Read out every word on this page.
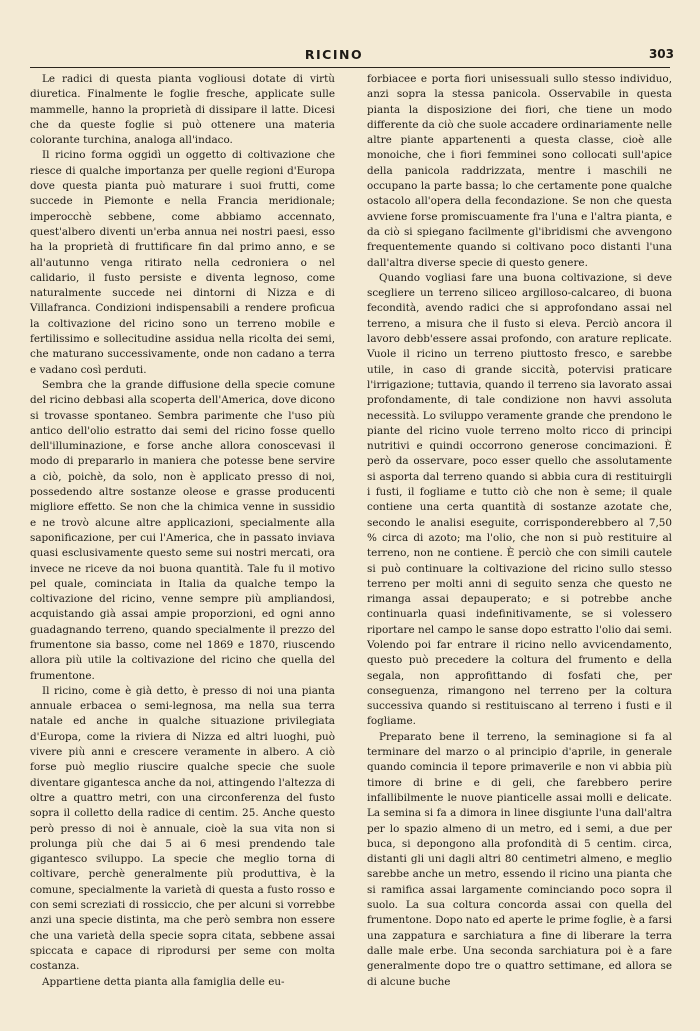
RICINO	303

Le radici di questa pianta vogliousi dotate di virtù diuretica. Finalmente le foglie fresche, applicate sulle mammelle, hanno la proprietà di dissipare il latte. Dicesi che da queste foglie si può ottenere una materia colorante turchina, analoga all'indaco.

Il ricino forma oggidì un oggetto di coltivazione che riesce di qualche importanza per quelle regioni d'Europa dove questa pianta può maturare i suoi frutti, come succede in Piemonte e nella Francia meridionale; imperocchè sebbene, come abbiamo accennato, quest'albero diventi un'erba annua nei nostri paesi, esso ha la proprietà di fruttificare fin dal primo anno, e se all'autunno venga ritirato nella cedroniera o nel calidario, il fusto persiste e diventa legnoso, come naturalmente succede nei dintorni di Nizza e di Villafranca. Condizioni indispensabili a rendere proficua la coltivazione del ricino sono un terreno mobile e fertilissimo e sollecitudine assidua nella ricolta dei semi, che maturano successivamente, onde non cadano a terra e vadano così perduti.

Sembra che la grande diffusione della specie comune del ricino debbasi alla scoperta dell'America, dove dicono si trovasse spontaneo. Sembra parimente che l'uso più antico dell'olio estratto dai semi del ricino fosse quello dell'illuminazione, e forse anche allora conoscevasi il modo di prepararlo in maniera che potesse bene servire a ciò, poichè, da solo, non è applicato presso di noi, possedendo altre sostanze oleose e grasse producenti migliore effetto. Se non che la chimica venne in sussidio e ne trovò alcune altre applicazioni, specialmente alla saponificazione, per cui l'America, che in passato inviava quasi esclusivamente questo seme sui nostri mercati, ora invece ne riceve da noi buona quantità. Tale fu il motivo pel quale, cominciata in Italia da qualche tempo la coltivazione del ricino, venne sempre più ampliandosi, acquistando già assai ampie proporzioni, ed ogni anno guadagnando terreno, quando specialmente il prezzo del frumentone sia basso, come nel 1869 e 1870, riuscendo allora più utile la coltivazione del ricino che quella del frumentone.

Il ricino, come è già detto, è presso di noi una pianta annuale erbacea o semi-legnosa, ma nella sua terra natale ed anche in qualche situazione privilegiata d'Europa, come la riviera di Nizza ed altri luoghi, può vivere più anni e crescere veramente in albero. A ciò forse può meglio riuscire qualche specie che suole diventare gigantesca anche da noi, attingendo l'altezza di oltre a quattro metri, con una circonferenza del fusto sopra il colletto della radice di centim. 25. Anche questo però presso di noi è annuale, cioè la sua vita non si prolunga più che dai 5 ai 6 mesi prendendo tale gigantesco sviluppo. La specie che meglio torna di coltivare, perchè generalmente più produttiva, è la comune, specialmente la varietà di questa a fusto rosso e con semi screziati di rossiccio, che per alcuni si vorrebbe anzi una specie distinta, ma che però sembra non essere che una varietà della specie sopra citata, sebbene assai spiccata e capace di riprodursi per seme con molta costanza.

Appartiene detta pianta alla famiglia delle eu-

forbiacee e porta fiori unisessuali sullo stesso individuo, anzi sopra la stessa panicola. Osservabile in questa pianta la disposizione dei fiori, che tiene un modo differente da ciò che suole accadere ordinariamente nelle altre piante appartenenti a questa classe, cioè alle monoiche, che i fiori femminei sono collocati sull'apice della panicola raddrizzata, mentre i maschili ne occupano la parte bassa; lo che certamente pone qualche ostacolo all'opera della fecondazione. Se non che questa avviene forse promiscuamente fra l'una e l'altra pianta, e da ciò si spiegano facilmente gl'ibridismi che avvengono frequentemente quando si coltivano poco distanti l'una dall'altra diverse specie di questo genere.

Quando vogliasi fare una buona coltivazione, si deve scegliere un terreno siliceo argilloso-calcareo, di buona fecondità, avendo radici che si approfondano assai nel terreno, a misura che il fusto si eleva. Perciò ancora il lavoro debb'essere assai profondo, con arature replicate. Vuole il ricino un terreno piuttosto fresco, e sarebbe utile, in caso di grande siccità, potervisi praticare l'irrigazione; tuttavia, quando il terreno sia lavorato assai profondamente, di tale condizione non havvi assoluta necessità. Lo sviluppo veramente grande che prendono le piante del ricino vuole terreno molto ricco di principi nutritivi e quindi occorrono generose concimazioni. È però da osservare, poco esser quello che assolutamente si asporta dal terreno quando si abbia cura di restituirgli i fusti, il fogliame e tutto ciò che non è seme; il quale contiene una certa quantità di sostanze azotate che, secondo le analisi eseguite, corrisponderebbero al 7,50 % circa di azoto; ma l'olio, che non si può restituire al terreno, non ne contiene. È perciò che con simili cautele si può continuare la coltivazione del ricino sullo stesso terreno per molti anni di seguito senza che questo ne rimanga assai depauperato; e si potrebbe anche continuarla quasi indefinitivamente, se si volessero riportare nel campo le sanse dopo estratto l'olio dai semi. Volendo poi far entrare il ricino nello avvicendamento, questo può precedere la coltura del frumento e della segala, non approfittando di fosfati che, per conseguenza, rimangono nel terreno per la coltura successiva quando si restituiscano al terreno i fusti e il fogliame.

Preparato bene il terreno, la seminagione si fa al terminare del marzo o al principio d'aprile, in generale quando comincia il tepore primaverile e non vi abbia più timore di brine e di geli, che farebbero perire infallibilmente le nuove pianticelle assai molli e delicate. La semina si fa a dimora in linee disgiunte l'una dall'altra per lo spazio almeno di un metro, ed i semi, a due per buca, si depongono alla profondità di 5 centim. circa, distanti gli uni dagli altri 80 centimetri almeno, e meglio sarebbe anche un metro, essendo il ricino una pianta che si ramifica assai largamente cominciando poco sopra il suolo. La sua coltura concorda assai con quella del frumentone. Dopo nato ed aperte le prime foglie, è a farsi una zappatura e sarchiatura a fine di liberare la terra dalle male erbe. Una seconda sarchiatura poi è a fare generalmente dopo tre o quattro settimane, ed allora se di alcune buche
